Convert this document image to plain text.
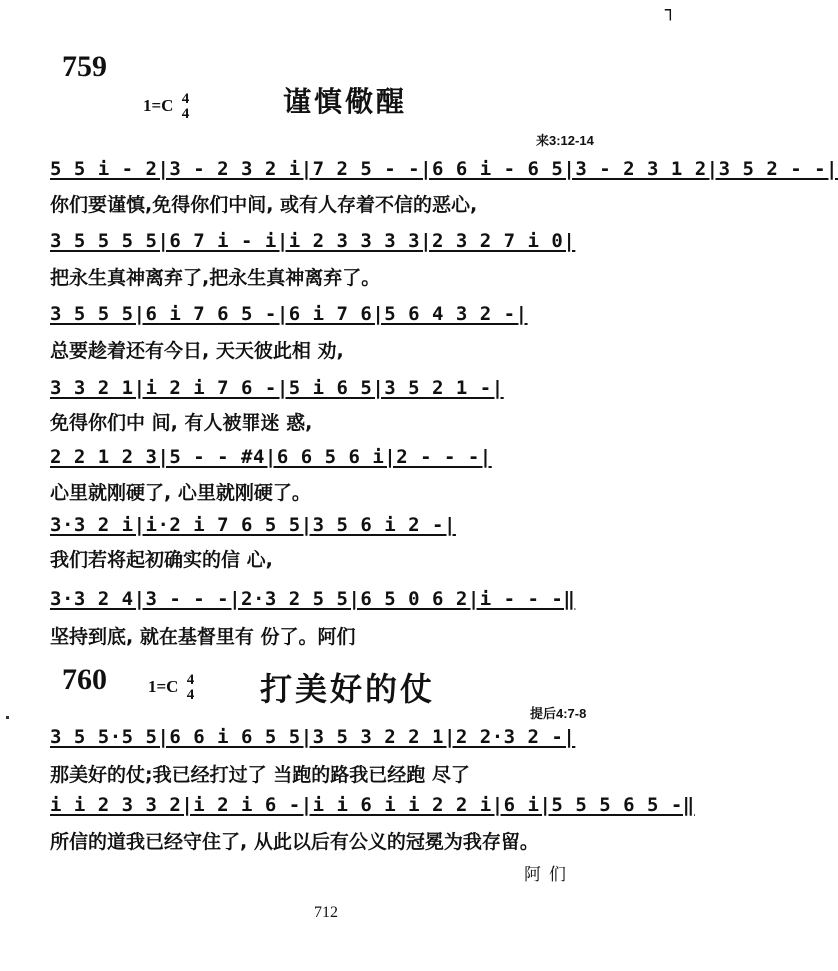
┐
759
1=C 4
4	谨慎儆醒
来3:12-14
5 5 i - 2|3 - 2 3 2 i|7 2 5 - -|6 6 i - 6 5|3 - 2 3 1 2|3 5 2 - -|
你们要谨慎,免得你们中间, 或有人存着不信的恶心,
3 5 5 5 5|6 7 i - i|i 2 3 3 3 3|2 3 2 7 i 0|
把永生真神离弃了,把永生真神离弃了。
3 5 5 5|6 i 7 6 5 -|6 i 7 6|5 6 4 3 2 -|
总要趁着还有今日, 天天彼此相 劝,
3 3 2 1|i 2 i 7 6 -|5 i 6 5|3 5 2 1 -|
免得你们中 间, 有人被罪迷 惑,
2 2 1 2 3|5 - - #4|6 6 5 6 i|2 - - -|
心里就刚硬了, 心里就刚硬了。
3·3 2 i|i·2 i 7 6 5 5|3 5 6 i 2 -|
我们若将起初确实的信 心,
3·3 2 4|3 - - -|2·3 2 5 5|6 5 0 6 2|i - - -‖
坚持到底, 就在基督里有 份了。阿们
760 1=C 4
4 打美好的仗
提后4:7-8
3 5 5·5 5|6 6 i 6 5 5|3 5 3 2 2 1|2 2·3 2 -|
那美好的仗;我已经打过了 当跑的路我已经跑 尽了
i i 2 3 3 2|i 2 i 6 -|i i 6 i i 2 2 i|6 i|5 5 5 6 5 -‖
所信的道我已经守住了, 从此以后有公义的冠冕为我存留。
阿们
712
